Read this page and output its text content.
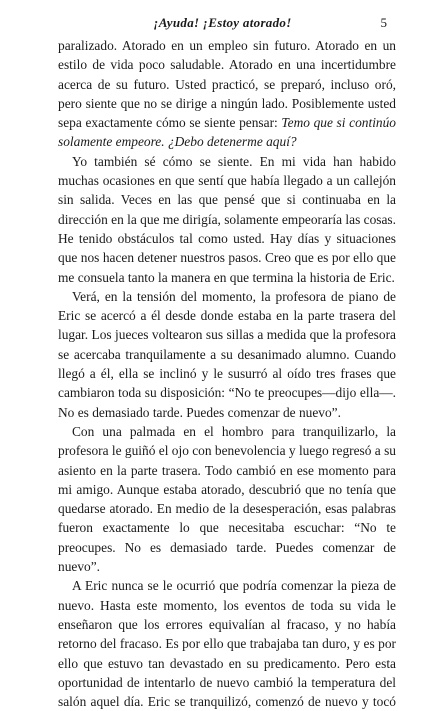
¡Ayuda! ¡Estoy atorado!	5

paralizado. Atorado en un empleo sin futuro. Atorado en un estilo de vida poco saludable. Atorado en una incertidumbre acerca de su futuro. Usted practicó, se preparó, incluso oró, pero siente que no se dirige a ningún lado. Posiblemente usted sepa exactamente cómo se siente pensar: Temo que si continúo solamente empeore. ¿Debo detenerme aquí?

Yo también sé cómo se siente. En mi vida han habido muchas ocasiones en que sentí que había llegado a un callejón sin salida. Veces en las que pensé que si continuaba en la dirección en la que me dirigía, solamente empeoraría las cosas. He tenido obstáculos tal como usted. Hay días y situaciones que nos hacen detener nuestros pasos. Creo que es por ello que me consuela tanto la manera en que termina la historia de Eric.

Verá, en la tensión del momento, la profesora de piano de Eric se acercó a él desde donde estaba en la parte trasera del lugar. Los jueces voltearon sus sillas a medida que la profesora se acercaba tranquilamente a su desanimado alumno. Cuando llegó a él, ella se inclinó y le susurró al oído tres frases que cambiaron toda su disposición: “No te preocupes—dijo ella—. No es demasiado tarde. Puedes comenzar de nuevo”.

Con una palmada en el hombro para tranquilizarlo, la profesora le guiñó el ojo con benevolencia y luego regresó a su asiento en la parte trasera. Todo cambió en ese momento para mi amigo. Aunque estaba atorado, descubrió que no tenía que quedarse atorado. En medio de la desesperación, esas palabras fueron exactamente lo que necesitaba escuchar: “No te preocupes. No es demasiado tarde. Puedes comenzar de nuevo”.

A Eric nunca se le ocurrió que podría comenzar la pieza de nuevo. Hasta este momento, los eventos de toda su vida le enseñaron que los errores equivalían al fracaso, y no había retorno del fracaso. Es por ello que trabajaba tan duro, y es por ello que estuvo tan devastado en su predicamento. Pero esta oportunidad de intentarlo de nuevo cambió la temperatura del salón aquel día. Eric se tranquilizó, comenzó de nuevo y tocó
